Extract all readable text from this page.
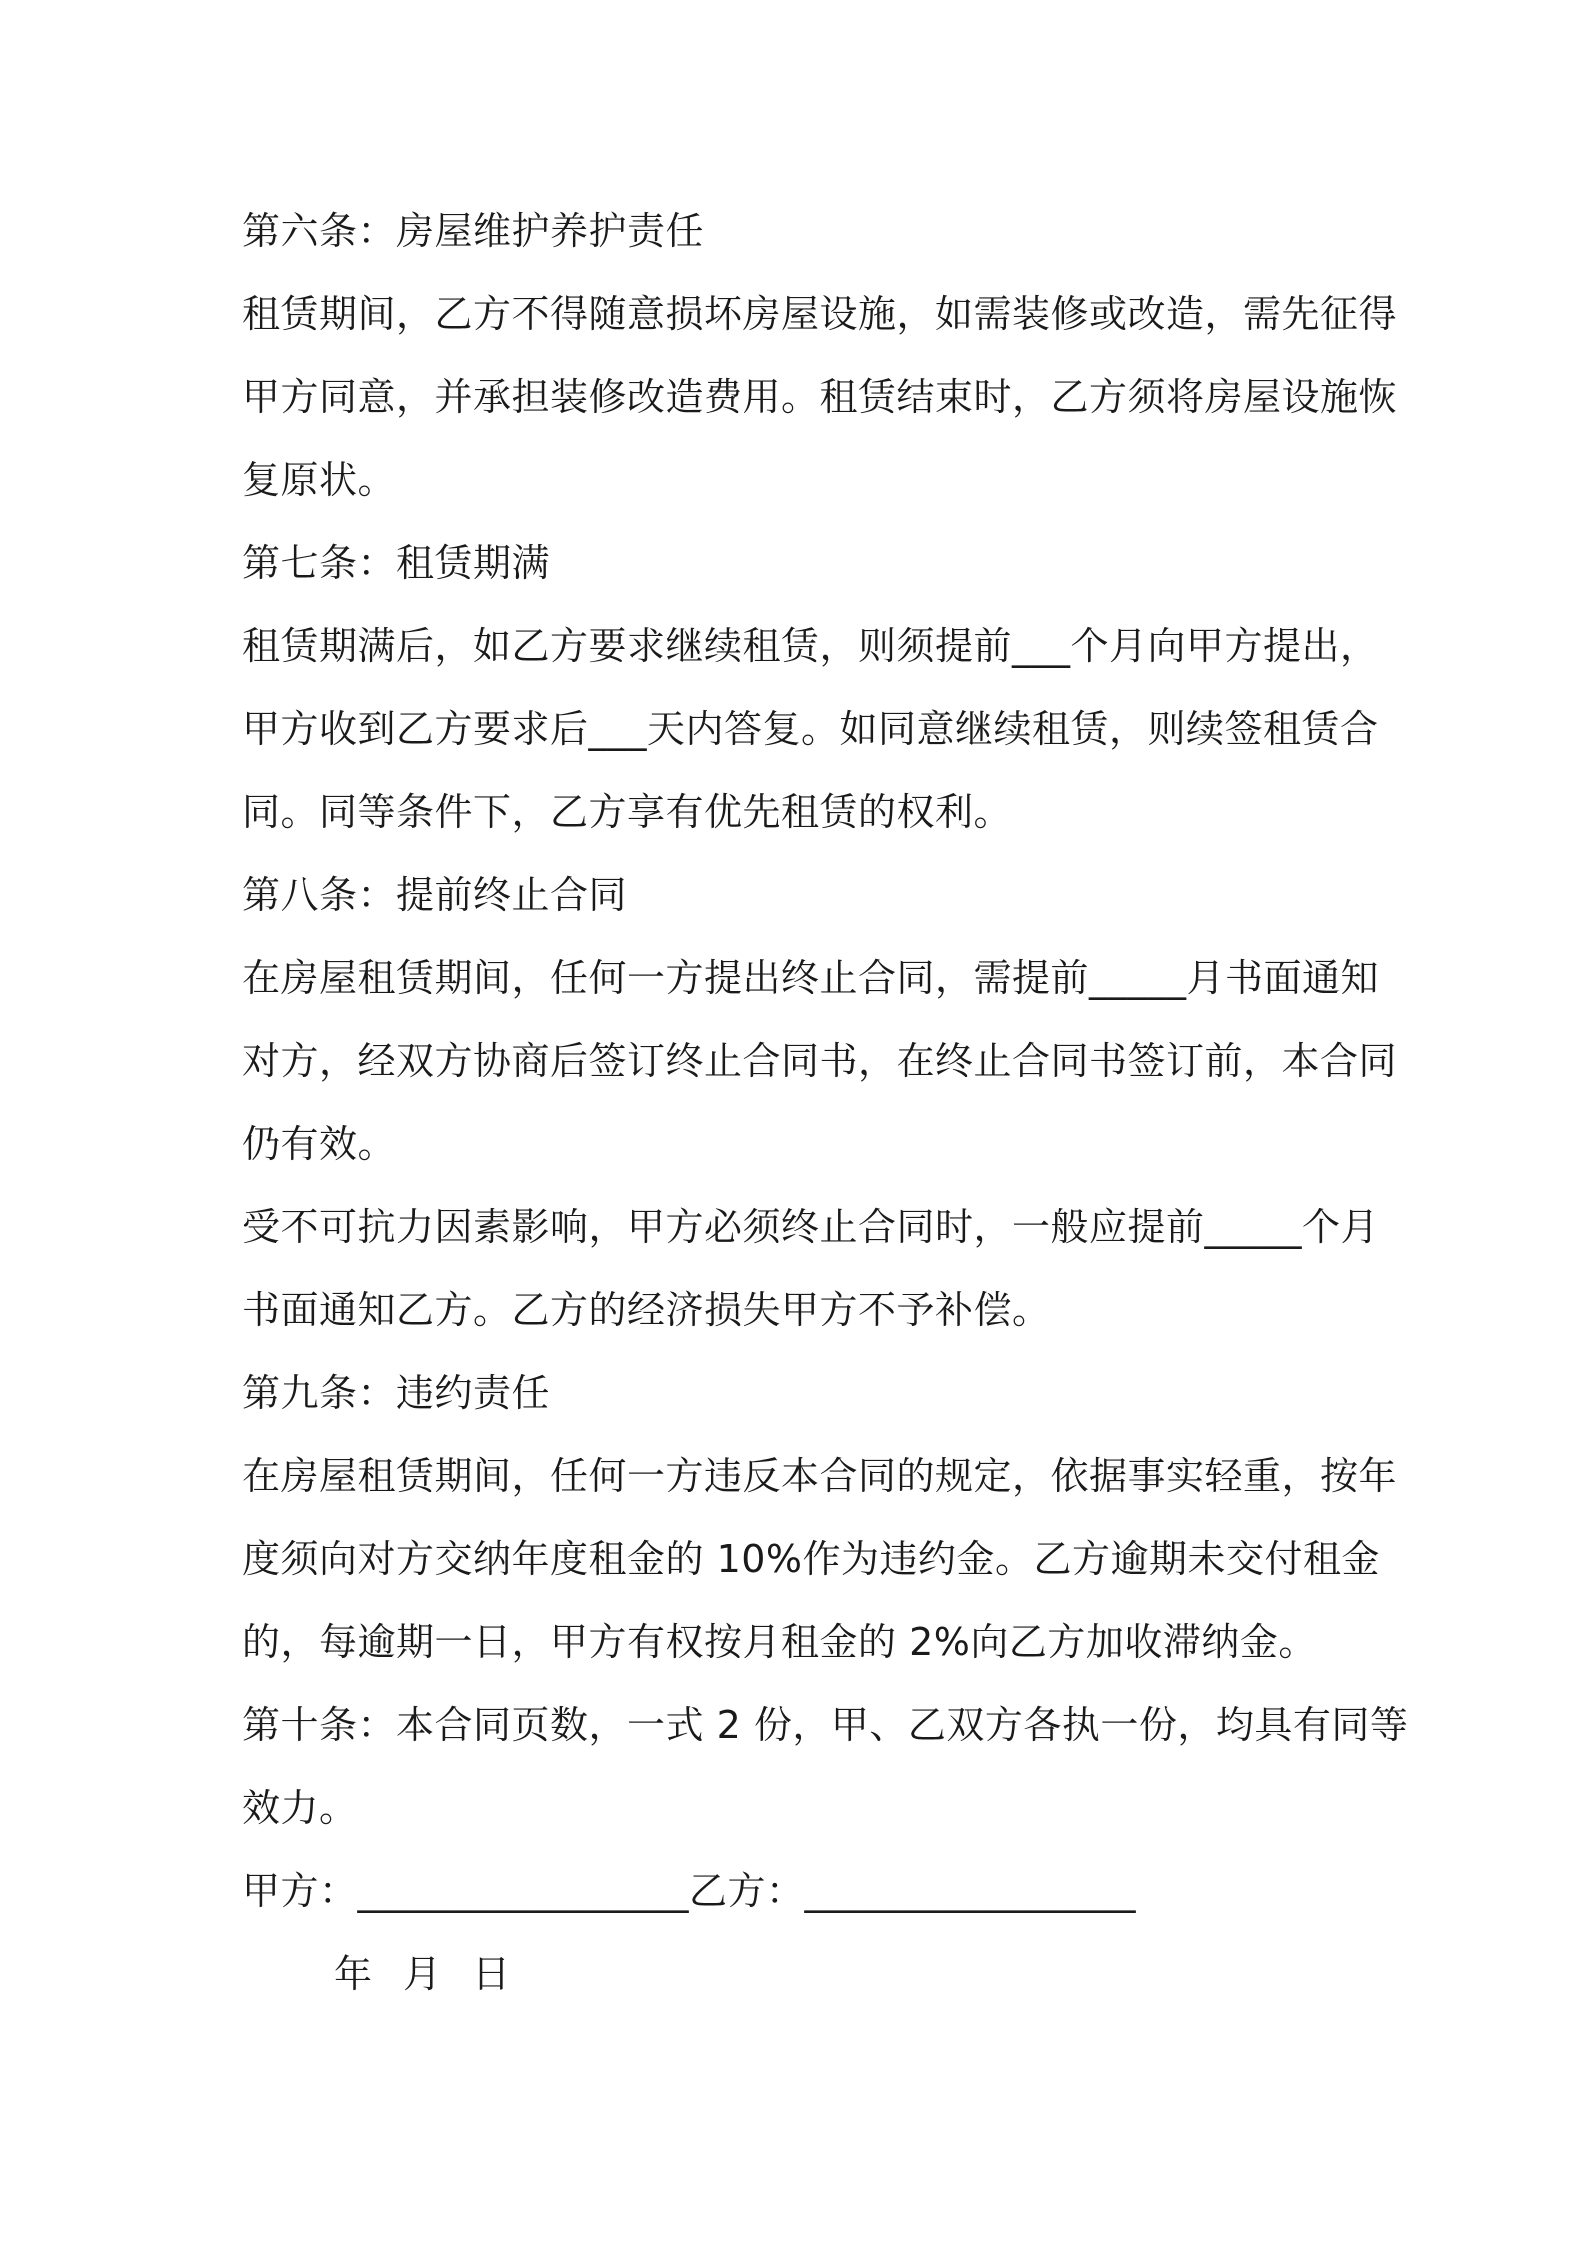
第六条：房屋维护养护责任
租赁期间，乙方不得随意损坏房屋设施，如需装修或改造，需先征得
甲方同意，并承担装修改造费用。租赁结束时，乙方须将房屋设施恢
复原状。
第七条：租赁期满
租赁期满后，如乙方要求继续租赁，则须提前___个月向甲方提出，
甲方收到乙方要求后___天内答复。如同意继续租赁，则续签租赁合
同。同等条件下，乙方享有优先租赁的权利。
第八条：提前终止合同
在房屋租赁期间，任何一方提出终止合同，需提前_____月书面通知
对方，经双方协商后签订终止合同书，在终止合同书签订前，本合同
仍有效。
受不可抗力因素影响，甲方必须终止合同时，一般应提前_____个月
书面通知乙方。乙方的经济损失甲方不予补偿。
第九条：违约责任
在房屋租赁期间，任何一方违反本合同的规定，依据事实轻重，按年
度须向对方交纳年度租金的 10%作为违约金。乙方逾期未交付租金
的，每逾期一日，甲方有权按月租金的 2%向乙方加收滞纳金。
第十条：本合同页数，一式 2 份，甲、乙双方各执一份，均具有同等
效力。
甲方：_________________乙方：_________________
年 月 日
